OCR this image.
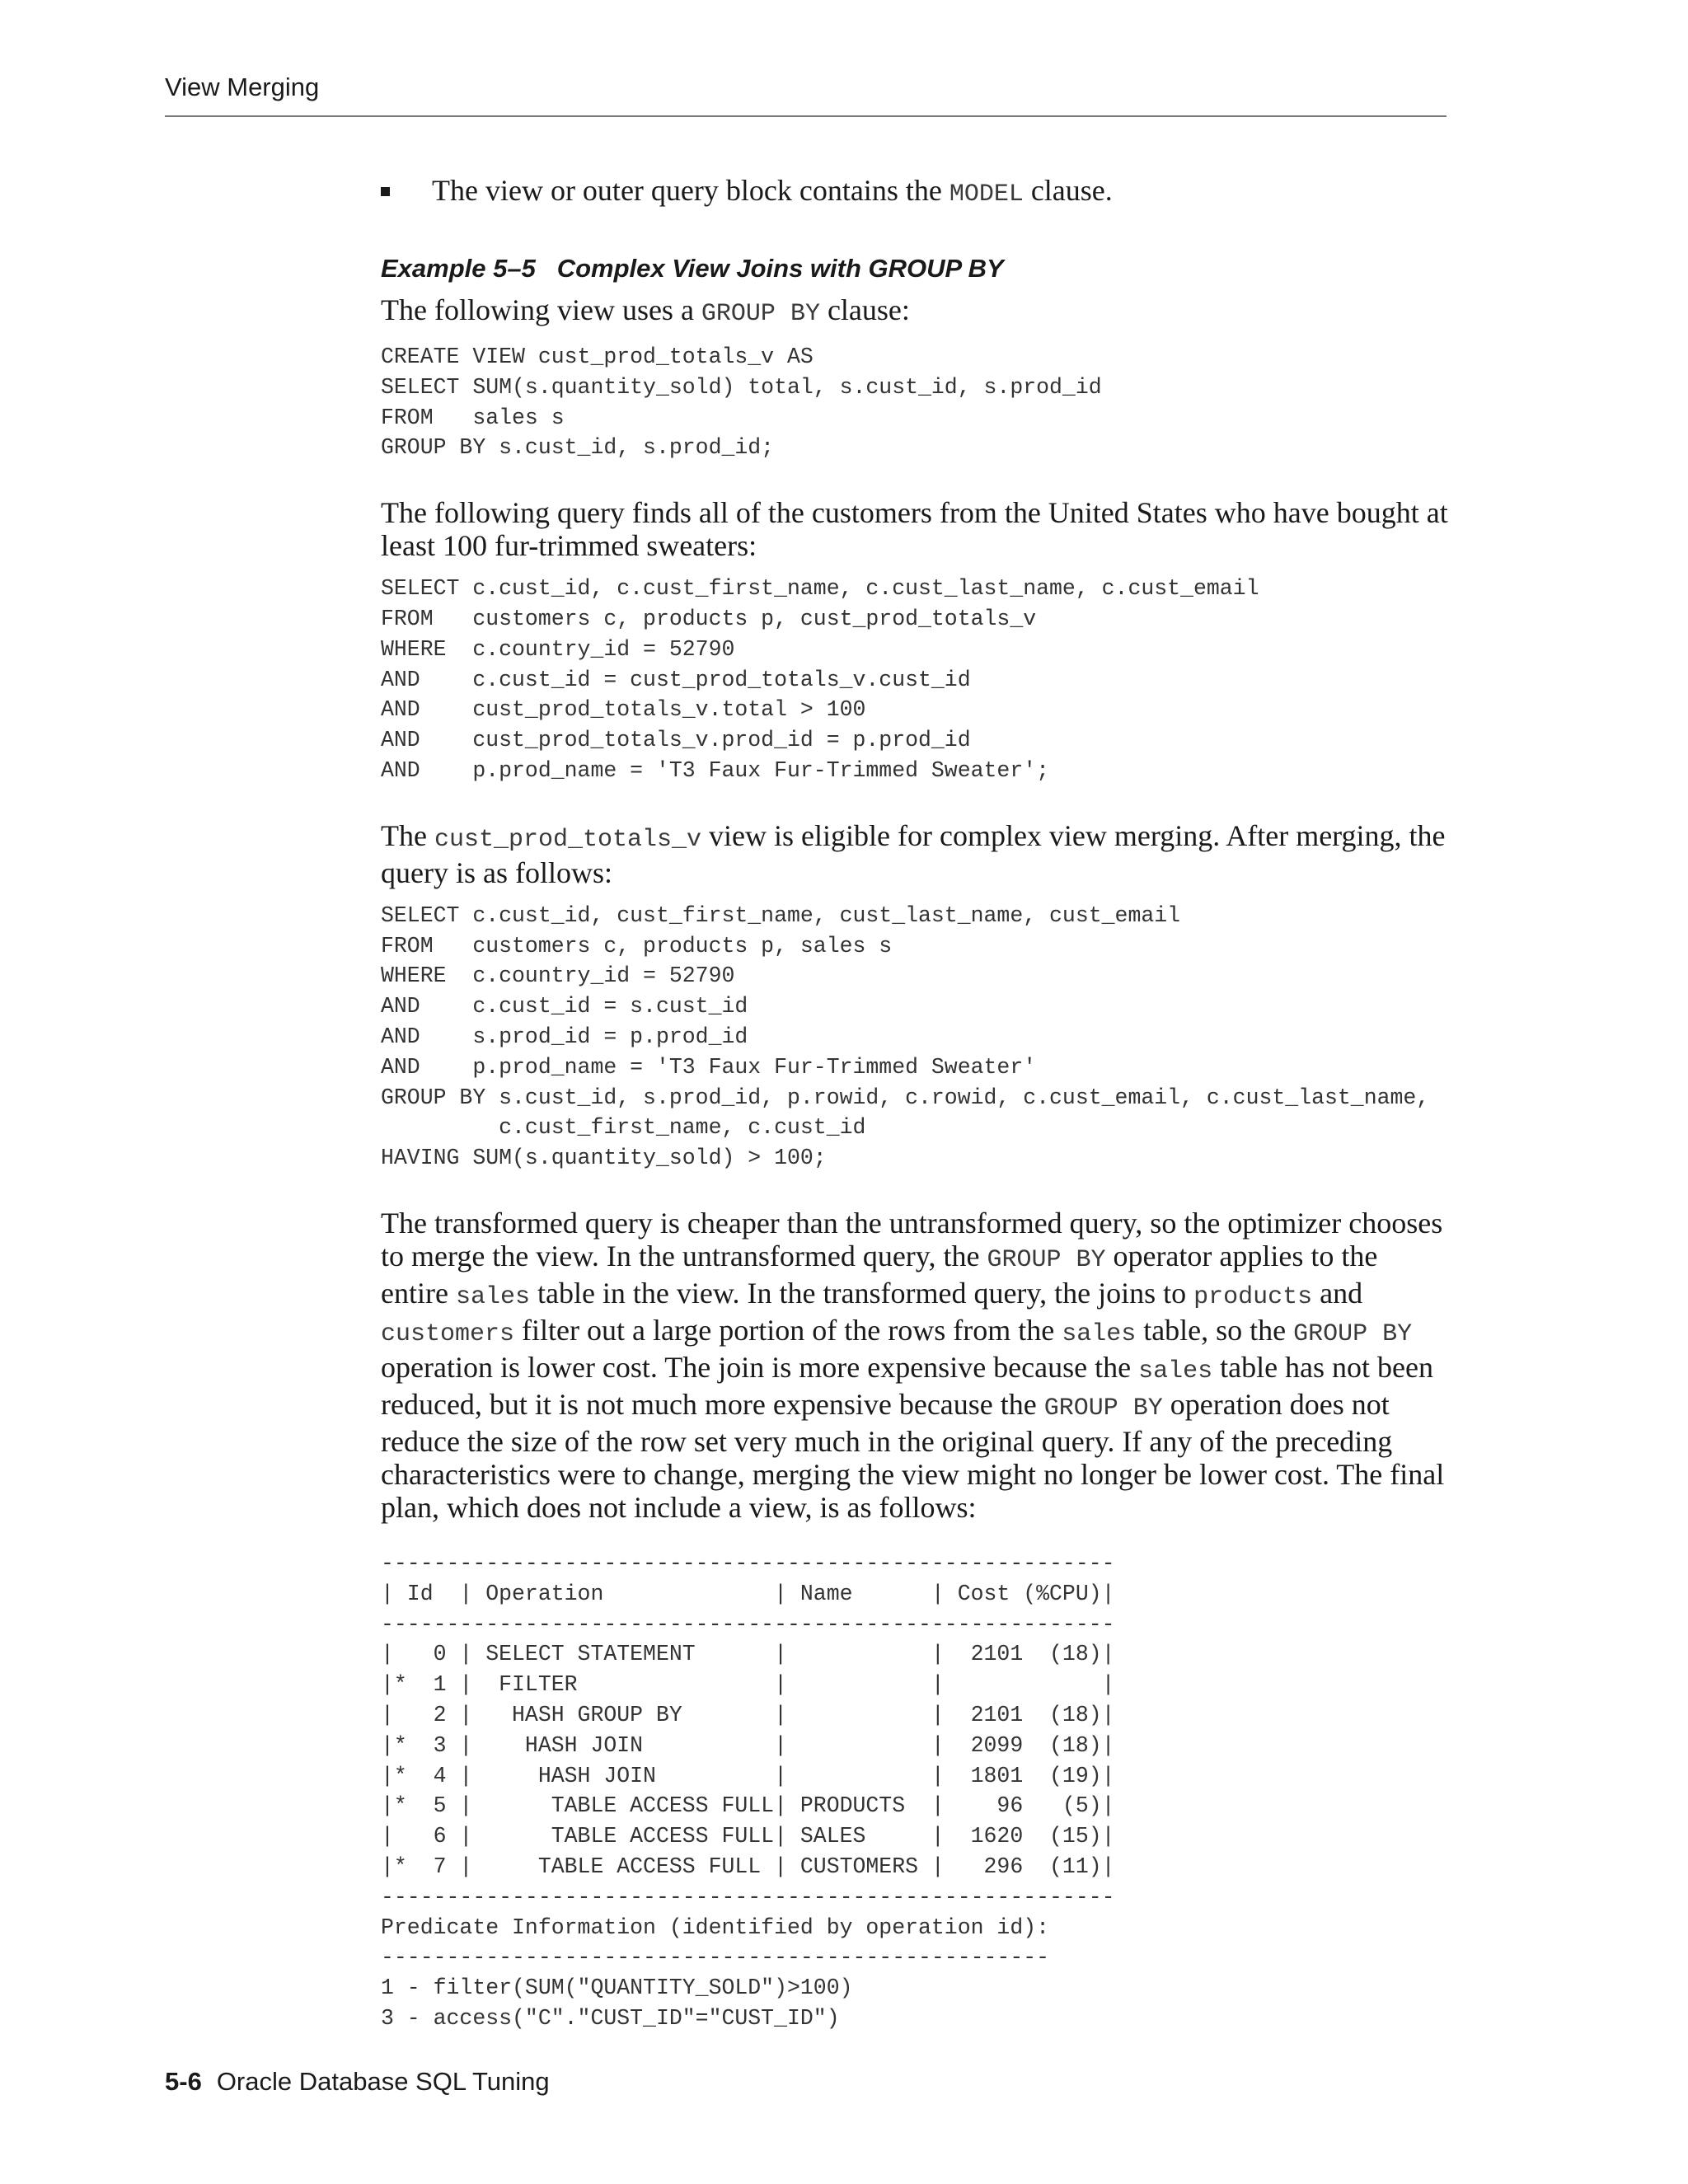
View Merging
The view or outer query block contains the MODEL clause.
Example 5–5 Complex View Joins with GROUP BY

The following view uses a GROUP BY clause:

CREATE VIEW cust_prod_totals_v AS
SELECT SUM(s.quantity_sold) total, s.cust_id, s.prod_id
FROM   sales s
GROUP BY s.cust_id, s.prod_id;

The following query finds all of the customers from the United States who have bought at least 100 fur-trimmed sweaters:

SELECT c.cust_id, c.cust_first_name, c.cust_last_name, c.cust_email
FROM   customers c, products p, cust_prod_totals_v
WHERE  c.country_id = 52790
AND    c.cust_id = cust_prod_totals_v.cust_id
AND    cust_prod_totals_v.total > 100
AND    cust_prod_totals_v.prod_id = p.prod_id
AND    p.prod_name = 'T3 Faux Fur-Trimmed Sweater';

The cust_prod_totals_v view is eligible for complex view merging. After merging, the query is as follows:

SELECT c.cust_id, cust_first_name, cust_last_name, cust_email
FROM   customers c, products p, sales s
WHERE  c.country_id = 52790
AND    c.cust_id = s.cust_id
AND    s.prod_id = p.prod_id
AND    p.prod_name = 'T3 Faux Fur-Trimmed Sweater'
GROUP BY s.cust_id, s.prod_id, p.rowid, c.rowid, c.cust_email, c.cust_last_name,
c.cust_first_name, c.cust_id
HAVING SUM(s.quantity_sold) > 100;

The transformed query is cheaper than the untransformed query, so the optimizer chooses to merge the view. In the untransformed query, the GROUP BY operator applies to the entire sales table in the view. In the transformed query, the joins to products and customers filter out a large portion of the rows from the sales table, so the GROUP BY operation is lower cost. The join is more expensive because the sales table has not been reduced, but it is not much more expensive because the GROUP BY operation does not reduce the size of the row set very much in the original query. If any of the preceding characteristics were to change, merging the view might no longer be lower cost. The final plan, which does not include a view, is as follows:

--------------------------------------------------------
| Id  | Operation             | Name      | Cost (%CPU)|
--------------------------------------------------------
|   0 | SELECT STATEMENT      |           |  2101  (18)|
|*  1 |  FILTER               |           |            |
|   2 |   HASH GROUP BY       |           |  2101  (18)|
|*  3 |    HASH JOIN          |           |  2099  (18)|
|*  4 |     HASH JOIN         |           |  1801  (19)|
|*  5 |      TABLE ACCESS FULL| PRODUCTS  |    96   (5)|
|   6 |      TABLE ACCESS FULL| SALES     |  1620  (15)|
|*  7 |     TABLE ACCESS FULL | CUSTOMERS |   296  (11)|
--------------------------------------------------------
Predicate Information (identified by operation id):
---------------------------------------------------
1 - filter(SUM("QUANTITY_SOLD")>100)
3 - access("C"."CUST_ID"="CUST_ID")
5-6 Oracle Database SQL Tuning
